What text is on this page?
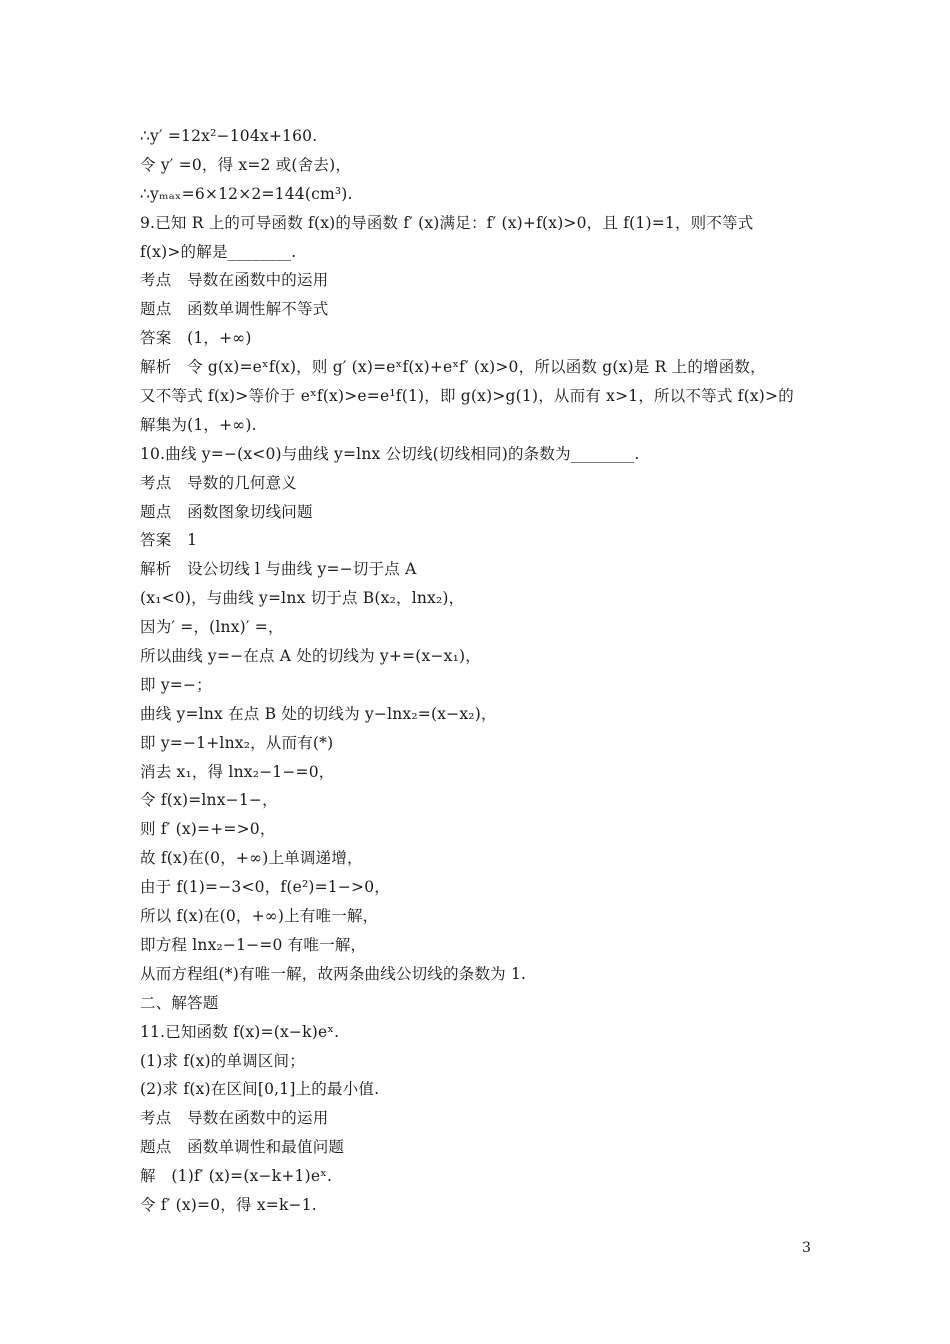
∴y′ =12x²−104x+160.
令 y′ =0，得 x=2 或(舍去)，
∴yₘₐₓ=6×12×2=144(cm³).
9.已知 R 上的可导函数 f(x)的导函数 f′ (x)满足：f′ (x)+f(x)>0，且 f(1)=1，则不等式
f(x)>的解是________.
考点　导数在函数中的运用
题点　函数单调性解不等式
答案　(1，+∞)
解析　令 g(x)=eˣf(x)，则 g′ (x)=eˣf(x)+eˣf′ (x)>0，所以函数 g(x)是 R 上的增函数，
又不等式 f(x)>等价于 eˣf(x)>e=e¹f(1)，即 g(x)>g(1)，从而有 x>1，所以不等式 f(x)>的
解集为(1，+∞).
10.曲线 y=−(x<0)与曲线 y=lnx 公切线(切线相同)的条数为________.
考点　导数的几何意义
题点　函数图象切线问题
答案　1
解析　设公切线 l 与曲线 y=−切于点 A
(x₁<0)，与曲线 y=lnx 切于点 B(x₂，lnx₂)，
因为′ =，(lnx)′ =，
所以曲线 y=−在点 A 处的切线为 y+=(x−x₁)，
即 y=−；
曲线 y=lnx 在点 B 处的切线为 y−lnx₂=(x−x₂)，
即 y=−1+lnx₂，从而有(*)
消去 x₁，得 lnx₂−1−=0，
令 f(x)=lnx−1−，
则 f′ (x)=+=>0，
故 f(x)在(0，+∞)上单调递增，
由于 f(1)=−3<0，f(e²)=1−>0，
所以 f(x)在(0，+∞)上有唯一解，
即方程 lnx₂−1−=0 有唯一解，
从而方程组(*)有唯一解，故两条曲线公切线的条数为 1.
二、解答题
11.已知函数 f(x)=(x−k)eˣ.
(1)求 f(x)的单调区间；
(2)求 f(x)在区间[0,1]上的最小值.
考点　导数在函数中的运用
题点　函数单调性和最值问题
解　(1)f′ (x)=(x−k+1)eˣ.
令 f′ (x)=0，得 x=k−1.
3
